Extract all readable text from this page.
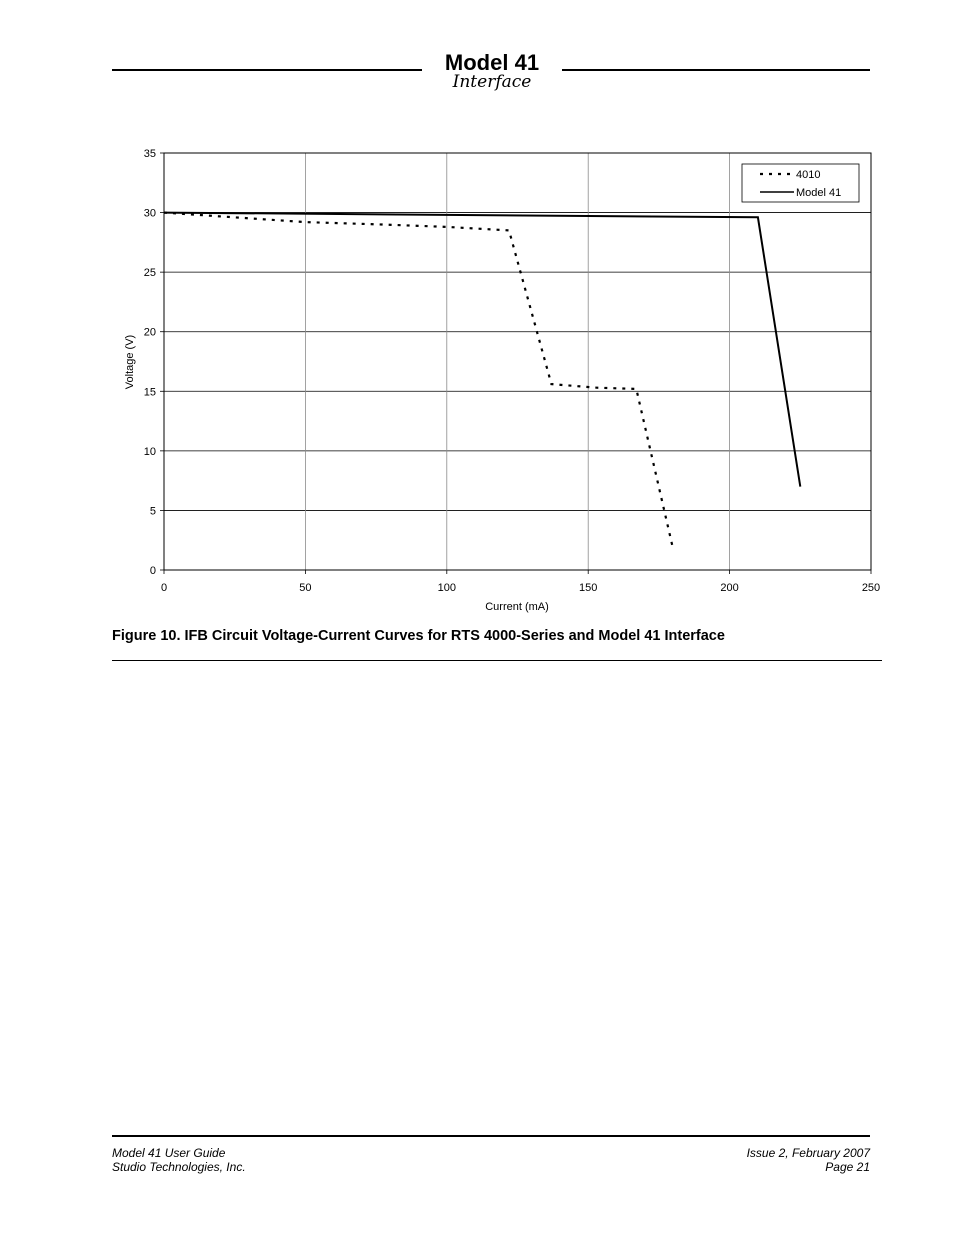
Model 41
Interface
0
5
10
15
20
25
30
35
0	50	100	150	200	250
4010
Model 41
Current (mA)
Voltage (V)
Figure 10. IFB Circuit Voltage-Current Curves for RTS 4000-Series and Model 41 Interface
Model 41 User Guide
Studio Technologies, Inc.
Issue 2, February 2007
Page 21
